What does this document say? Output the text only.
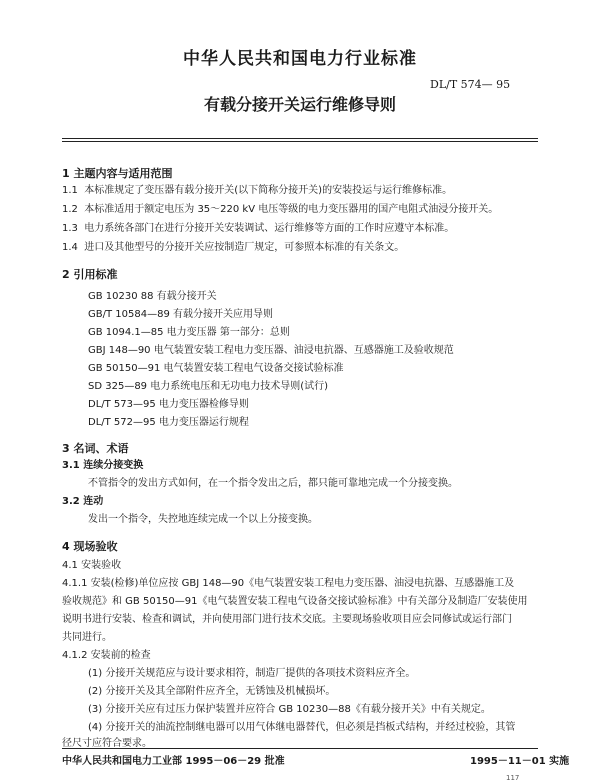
中华人民共和国电力行业标准
DL/T 574— 95
有载分接开关运行维修导则
1 主题内容与适用范围
1.1 本标准规定了变压器有载分接开关(以下简称分接开关)的安装投运与运行维修标准。
1.2 本标准适用于额定电压为 35～220 kV 电压等级的电力变压器用的国产电阻式油浸分接开关。
1.3 电力系统各部门在进行分接开关安装调试、运行维修等方面的工作时应遵守本标准。
1.4 进口及其他型号的分接开关应按制造厂规定，可参照本标准的有关条文。
2 引用标准
GB 10230 88 有载分接开关
GB/T 10584—89 有载分接开关应用导则
GB 1094.1—85 电力变压器 第一部分：总则
GBJ 148—90 电气装置安装工程电力变压器、油浸电抗器、互感器施工及验收规范
GB 50150—91 电气装置安装工程电气设备交接试验标准
SD 325—89 电力系统电压和无功电力技术导则(试行)
DL/T 573—95 电力变压器检修导则
DL/T 572—95 电力变压器运行规程
3 名词、术语
3.1 连续分接变换
不管指令的发出方式如何，在一个指令发出之后，都只能可靠地完成一个分接变换。
3.2 连动
发出一个指令，失控地连续完成一个以上分接变换。
4 现场验收
4.1 安装验收
4.1.1 安装(检修)单位应按 GBJ 148—90《电气装置安装工程电力变压器、油浸电抗器、互感器施工及
验收规范》和 GB 50150—91《电气装置安装工程电气设备交接试验标准》中有关部分及制造厂安装使用
说明书进行安装、检查和调试，并向使用部门进行技术交底。主要现场验收项目应会同修试或运行部门
共同进行。
4.1.2 安装前的检查
(1) 分接开关规范应与设计要求相符，制造厂提供的各项技术资料应齐全。
(2) 分接开关及其全部附件应齐全，无锈蚀及机械损坏。
(3) 分接开关应有过压力保护装置并应符合 GB 10230—88《有载分接开关》中有关规定。
(4) 分接开关的油流控制继电器可以用气体继电器替代，但必须是挡板式结构，并经过校验，其管
径尺寸应符合要求。
中华人民共和国电力工业部 1995－06－29 批准	1995－11－01 实施
117
